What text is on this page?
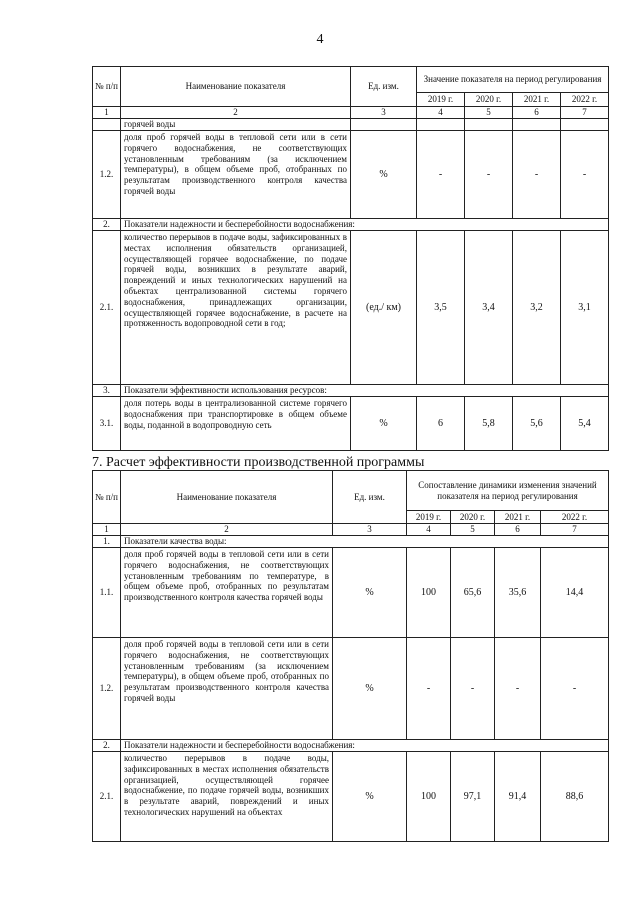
4
№ п/п	Наименование показателя	Ед. изм.	Значение показателя на период регулирования			
			2019 г.	2020 г.	2021 г.	2022 г.
1	2	3	4	5	6	7
	горячей воды					
1.2.	доля проб горячей воды в тепловой сети или в сети горячего водоснабжения, не соответствующих установленным требованиям (за исключением температуры), в общем объеме проб, отобранных по результатам производственного контроля качества горячей воды	%	-	-	-	-
2.	Показатели надежности и бесперебойности водоснабжения:					
2.1.	количество перерывов в подаче воды, зафиксированных в местах исполнения обязательств организацией, осуществляющей горячее водоснабжение, по подаче горячей воды, возникших в результате аварий, повреждений и иных технологических нарушений на объектах централизованной системы горячего водоснабжения, принадлежащих организации, осуществляющей горячее водоснабжение, в расчете на протяженность водопроводной сети в год;	(ед./ км)	3,5	3,4	3,2	3,1
3.	Показатели эффективности использования ресурсов:					
3.1.	доля потерь воды в централизованной системе горячего водоснабжения при транспортировке в общем объеме воды, поданной в водопроводную сеть	%	6	5,8	5,6	5,4
7. Расчет эффективности производственной программы
№ п/п	Наименование показателя	Ед. изм.	Сопоставление динамики изменения значений показателя на период регулирования			
			2019 г.	2020 г.	2021 г.	2022 г.
1	2	3	4	5	6	7
1.	Показатели качества воды:					
1.1.	доля проб горячей воды в тепловой сети или в сети горячего водоснабжения, не соответствующих установленным требованиям по температуре, в общем объеме проб, отобранных по результатам производственного контроля качества горячей воды	%	100	65,6	35,6	14,4
1.2.	доля проб горячей воды в тепловой сети или в сети горячего водоснабжения, не соответствующих установленным требованиям (за исключением температуры), в общем объеме проб, отобранных по результатам производственного контроля качества горячей воды	%	-	-	-	-
2.	Показатели надежности и бесперебойности водоснабжения:					
2.1.	количество перерывов в подаче воды, зафиксированных в местах исполнения обязательств организацией, осуществляющей горячее водоснабжение, по подаче горячей воды, возникших в результате аварий, повреждений и иных технологических нарушений на объектах	%	100	97,1	91,4	88,6
